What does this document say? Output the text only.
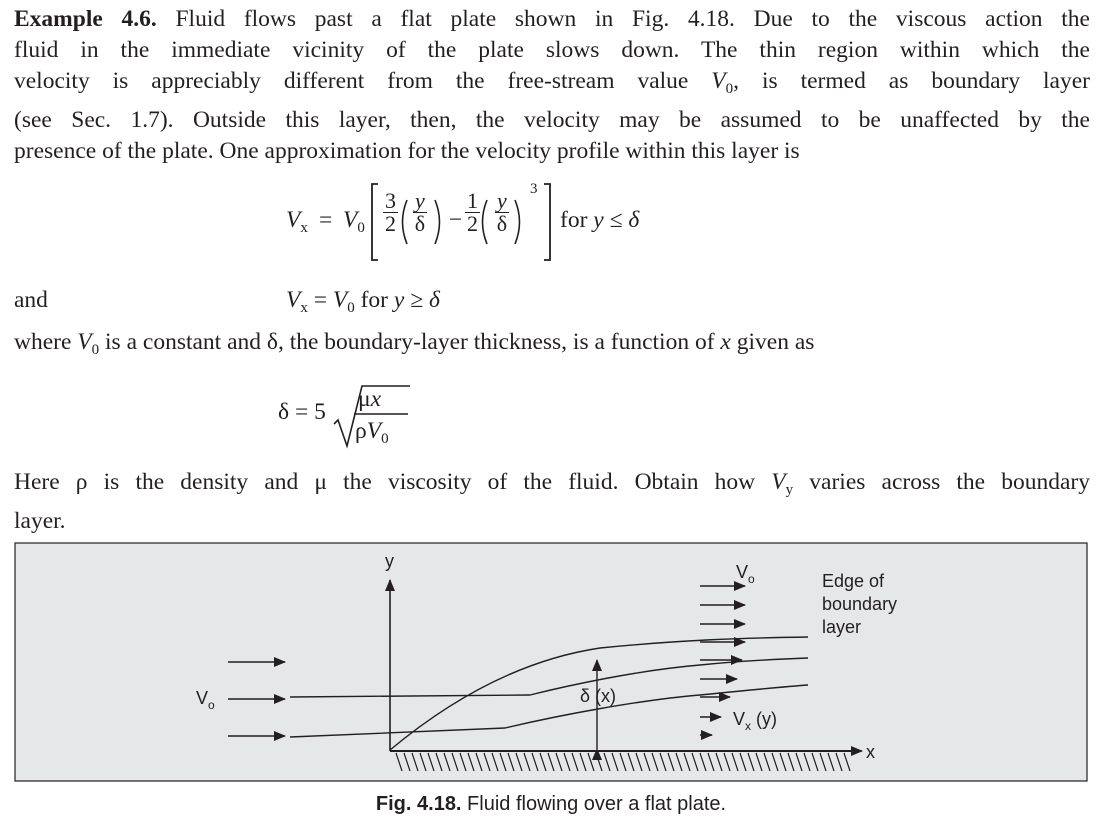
Example 4.6. Fluid flows past a flat plate shown in Fig. 4.18. Due to the viscous action the
fluid in the immediate vicinity of the plate slows down. The thin region within which the
velocity is appreciably different from the free-stream value $V_0$, is termed as boundary layer
(see Sec. 1.7). Outside this layer, then, the velocity may be assumed to be unaffected by the
presence of the plate. One approximation for the velocity profile within this layer is
$V_x = V_0 \frac{3}{2} \frac{y}{\delta} - \frac{1}{2} \frac{y}{\delta}$
3
for y ≤ δ
and	$V_x = V_0$ for y ≥ δ
where $V_0$ is a constant and δ, the boundary-layer thickness, is a function of x given as
δ = 5 μx
$\rho V_0$
Here ρ is the density and μ the viscosity of the fluid. Obtain how $V_y$ varies across the boundary
layer.
x
y
$V_o$
$V_o$
$V_x$ (y)
δ (x)
Edge of
boundary
layer
Fig. 4.18. Fluid flowing over a flat plate.
